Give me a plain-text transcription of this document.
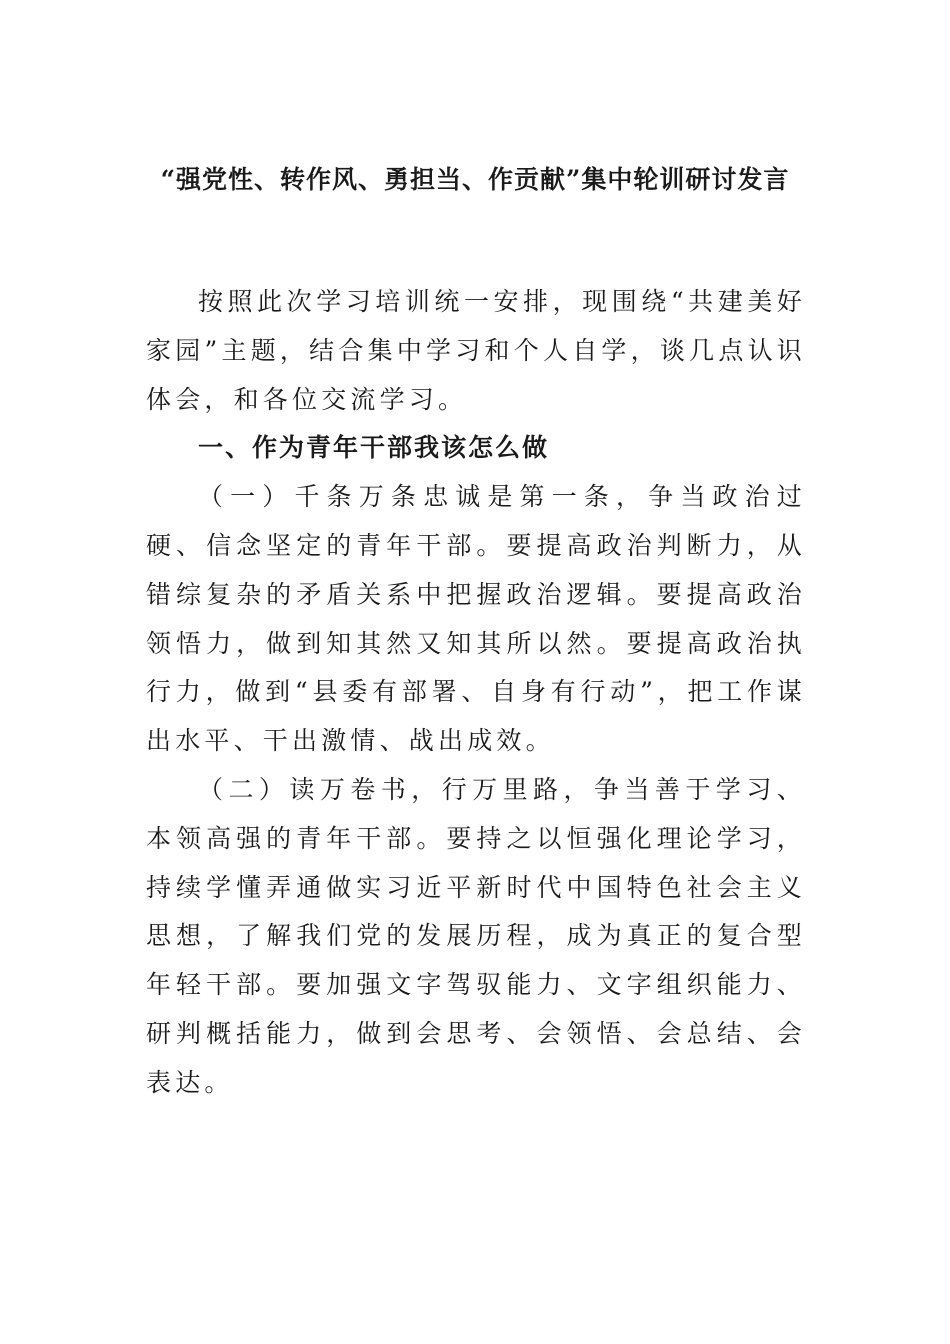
“强党性、转作风、勇担当、作贡献”集中轮训研讨发言

按照此次学习培训统一安排，现围绕“共建美好家园”主题，结合集中学习和个人自学，谈几点认识体会，和各位交流学习。

一、作为青年干部我该怎么做

（一）千条万条忠诚是第一条，争当政治过硬、信念坚定的青年干部。要提高政治判断力，从错综复杂的矛盾关系中把握政治逻辑。要提高政治领悟力，做到知其然又知其所以然。要提高政治执行力，做到“县委有部署、自身有行动”，把工作谋出水平、干出激情、战出成效。

（二）读万卷书，行万里路，争当善于学习、本领高强的青年干部。要持之以恒强化理论学习，持续学懂弄通做实习近平新时代中国特色社会主义思想，了解我们党的发展历程，成为真正的复合型年轻干部。要加强文字驾驭能力、文字组织能力、研判概括能力，做到会思考、会领悟、会总结、会表达。
